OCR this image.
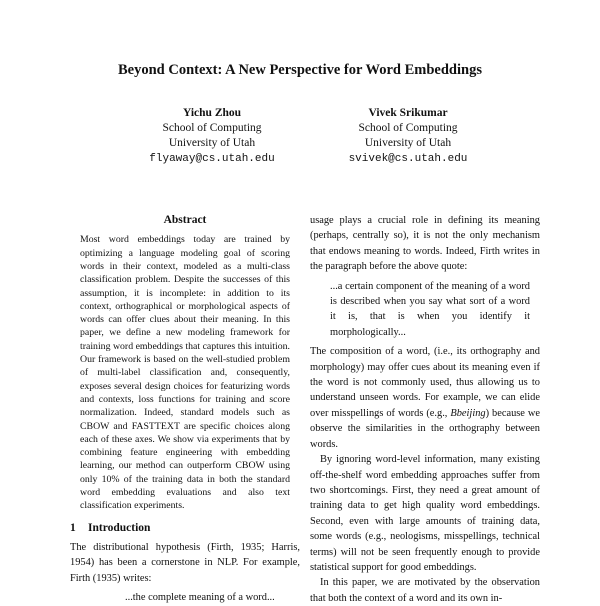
Beyond Context: A New Perspective for Word Embeddings
Yichu Zhou
School of Computing
University of Utah
flyaway@cs.utah.edu
Vivek Srikumar
School of Computing
University of Utah
svivek@cs.utah.edu
Abstract

Most word embeddings today are trained by optimizing a language modeling goal of scoring words in their context, modeled as a multi-class classification problem. Despite the successes of this assumption, it is incomplete: in addition to its context, orthographical or morphological aspects of words can offer clues about their meaning. In this paper, we define a new modeling framework for training word embeddings that captures this intuition. Our framework is based on the well-studied problem of multi-label classification and, consequently, exposes several design choices for featurizing words and contexts, loss functions for training and score normalization. Indeed, standard models such as CBOW and FASTTEXT are specific choices along each of these axes. We show via experiments that by combining feature engineering with embedding learning, our method can outperform CBOW using only 10% of the training data in both the standard word embedding evaluations and also text classification experiments.

1 Introduction

The distributional hypothesis (Firth, 1935; Harris, 1954) has been a cornerstone in NLP. For example, Firth (1935) writes:

...the complete meaning of a word...

usage plays a crucial role in defining its meaning (perhaps, centrally so), it is not the only mechanism that endows meaning to words. Indeed, Firth writes in the paragraph before the above quote:

...a certain component of the meaning of a word is described when you say what sort of a word it is, that is when you identify it morphologically...

The composition of a word, (i.e., its orthography and morphology) may offer cues about its meaning even if the word is not commonly used, thus allowing us to understand unseen words. For example, we can elide over misspellings of words (e.g., Bbeijing) because we observe the similarities in the orthography between words.

By ignoring word-level information, many existing off-the-shelf word embedding approaches suffer from two shortcomings. First, they need a great amount of training data to get high quality word embeddings. Second, even with large amounts of training data, some words (e.g., neologisms, misspellings, technical terms) will not be seen frequently enough to provide statistical support for good embeddings.

In this paper, we are motivated by the observation that both the context of a word and its own in-
